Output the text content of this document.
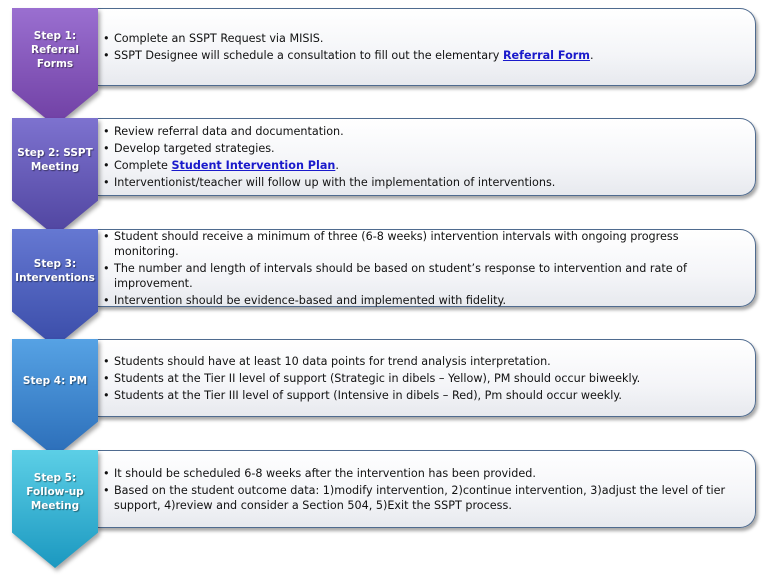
• Complete an SSPT Request via MISIS.
• SSPT Designee will schedule a consultation to fill out the elementary Referral Form.
Step 1: Referral Forms
• Review referral data and documentation.
• Develop targeted strategies.
• Complete Student Intervention Plan.
• Interventionist/teacher will follow up with the implementation of interventions.
Step 2: SSPT Meeting
• Student should receive a minimum of three (6-8 weeks) intervention intervals with ongoing progress monitoring.
• The number and length of intervals should be based on student’s response to intervention and rate of improvement.
• Intervention should be evidence-based and implemented with fidelity.
Step 3: Interventions
• Students should have at least 10 data points for trend analysis interpretation.
• Students at the Tier II level of support (Strategic in dibels – Yellow), PM should occur biweekly.
• Students at the Tier III level of support (Intensive in dibels – Red), Pm should occur weekly.
Step 4: PM
• It should be scheduled 6-8 weeks after the intervention has been provided.
• Based on the student outcome data: 1)modify intervention, 2)continue intervention, 3)adjust the level of tier support, 4)review and consider a Section 504, 5)Exit the SSPT process.
Step 5: Follow-up Meeting
